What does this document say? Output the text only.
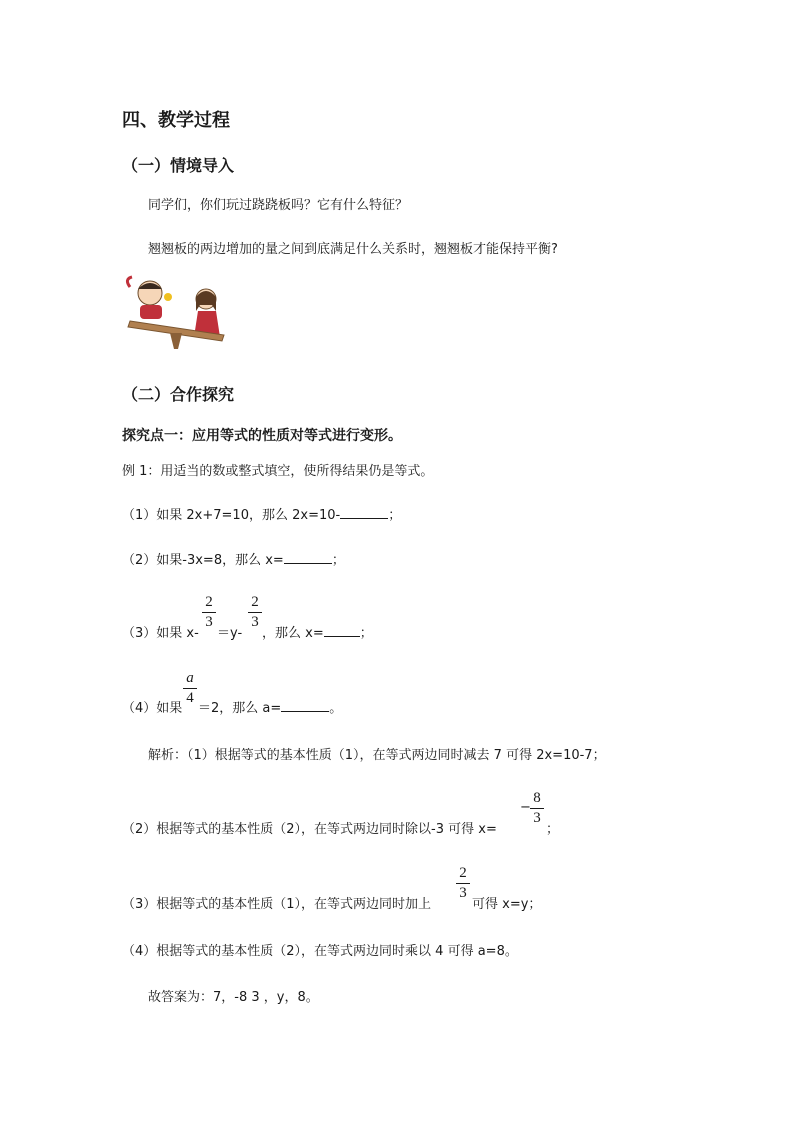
四、教学过程
（一）情境导入
同学们，你们玩过跷跷板吗？它有什么特征？
翘翘板的两边增加的量之间到底满足什么关系时，翘翘板才能保持平衡?
（二）合作探究
探究点一：应用等式的性质对等式进行变形。
例 1：用适当的数或整式填空，使所得结果仍是等式。
（1）如果 2x+7=10，那么 2x=10-	；
（2）如果-3x=8，那么 x=	；
（3）如果 x-
2
3
＝y-
2
3
，那么 x=	；
（4）如果
a
4
＝2，那么 a=	。
解析：（1）根据等式的基本性质（1），在等式两边同时减去 7 可得 2x=10-7；
（2）根据等式的基本性质（2），在等式两边同时除以-3 可得 x=
−
8
3
；
（3）根据等式的基本性质（1），在等式两边同时加上
2
3
可得 x=y；
（4）根据等式的基本性质（2），在等式两边同时乘以 4 可得 a=8。
故答案为：7，-8 3 ，y，8。
